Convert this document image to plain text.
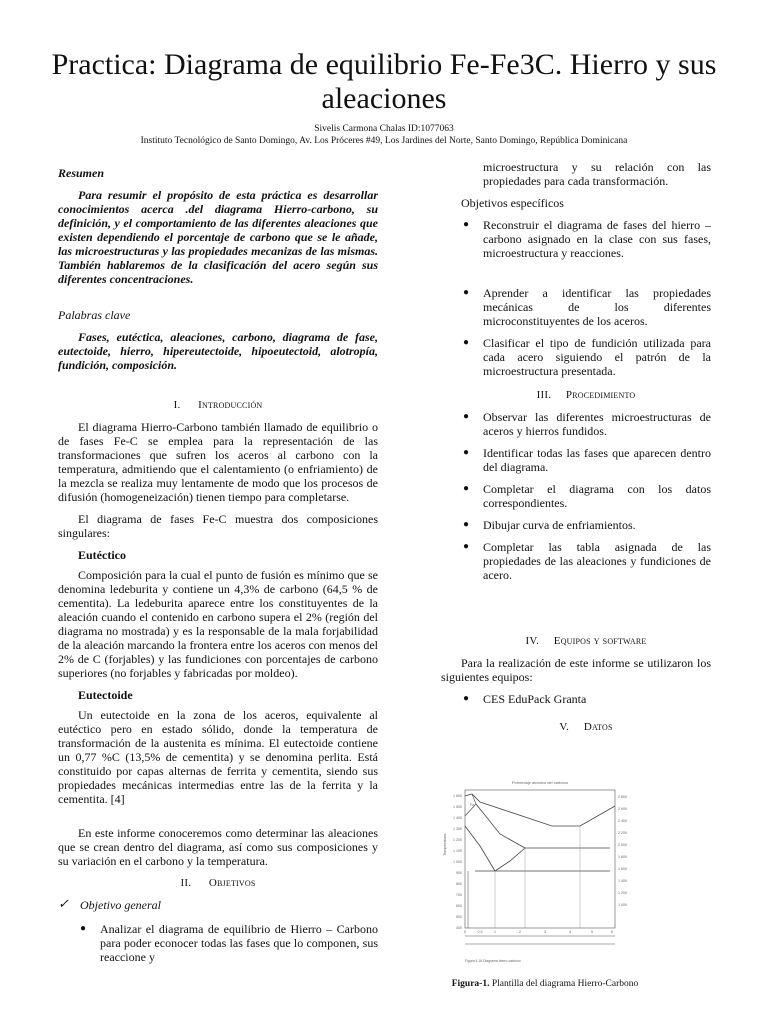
Practica: Diagrama de equilibrio Fe-Fe3C. Hierro y sus aleaciones
Sivelis Carmona Chalas ID:1077063
Instituto Tecnológico de Santo Domingo, Av. Los Próceres #49, Los Jardines del Norte, Santo Domingo, República Dominicana
Resumen
Para resumir el propósito de esta práctica es desarrollar conocimientos acerca .del diagrama Hierro-carbono, su definición, y el comportamiento de las diferentes aleaciones que existen dependiendo el porcentaje de carbono que se le añade, las microestructuras y las propiedades mecanizas de las mismas. También hablaremos de la clasificación del acero según sus diferentes concentraciones.
Palabras clave
Fases, eutéctica, aleaciones, carbono, diagrama de fase, eutectoide, hierro, hipereutectoide, hipoeutectoid, alotropía, fundición, composición.
I. Introducción
El diagrama Hierro-Carbono también llamado de equilibrio o de fases Fe-C se emplea para la representación de las transformaciones que sufren los aceros al carbono con la temperatura, admitiendo que el calentamiento (o enfriamiento) de la mezcla se realiza muy lentamente de modo que los procesos de difusión (homogeneización) tienen tiempo para completarse.
El diagrama de fases Fe-C muestra dos composiciones singulares:
Eutéctico
Composición para la cual el punto de fusión es mínimo que se denomina ledeburita y contiene un 4,3% de carbono (64,5 % de cementita). La ledeburita aparece entre los constituyentes de la aleación cuando el contenido en carbono supera el 2% (región del diagrama no mostrada) y es la responsable de la mala forjabilidad de la aleación marcando la frontera entre los aceros con menos del 2% de C (forjables) y las fundiciones con porcentajes de carbono superiores (no forjables y fabricadas por moldeo).
Eutectoide
Un eutectoide en la zona de los aceros, equivalente al eutéctico pero en estado sólido, donde la temperatura de transformación de la austenita es mínima. El eutectoide contiene un 0,77 %C (13,5% de cementita) y se denomina perlita. Está constituido por capas alternas de ferrita y cementita, siendo sus propiedades mecánicas intermedias entre las de la ferrita y la cementita. [4]
En este informe conoceremos como determinar las aleaciones que se crean dentro del diagrama, así como sus composiciones y su variación en el carbono y la temperatura.
II. Objetivos
✓ Objetivo general
● Analizar el diagrama de equilibrio de Hierro – Carbono para poder econocer todas las fases que lo componen, sus reaccione y
microestructura y su relación con las propiedades para cada transformación.
Objetivos específicos
● Reconstruir el diagrama de fases del hierro – carbono asignado en la clase con sus fases, microestructura y reacciones.
● Aprender a identificar las propiedades mecánicas de los diferentes microconstituyentes de los aceros.
● Clasificar el tipo de fundición utilizada para cada acero siguiendo el patrón de la microestructura presentada.
III. Procedimiento
● Observar las diferentes microestructuras de aceros y hierros fundidos.
● Identificar todas las fases que aparecen dentro del diagrama.
● Completar el diagrama con los datos correspondientes.
● Dibujar curva de enfriamientos.
● Completar las tabla asignada de las propiedades de las aleaciones y fundiciones de acero.
IV. Equipos y software
Para la realización de este informe se utilizaron los siguientes equipos:
● CES EduPack Granta
V. Datos
Porcentaje atómico del carbono
Temperatura
1 600
1 500
1 400
1 300
1 200
1 100
1 000
900
800
700
600
500
400
2 800
2 600
2 400
2 200
2 000
1 800
1 600
1 400
1 200
1 000
0	0,5	1	2	3	4	5	6
Fe
Figura 4.16 Diagrama hierro-carbono
Figura-1. Plantilla del diagrama Hierro-Carbono
